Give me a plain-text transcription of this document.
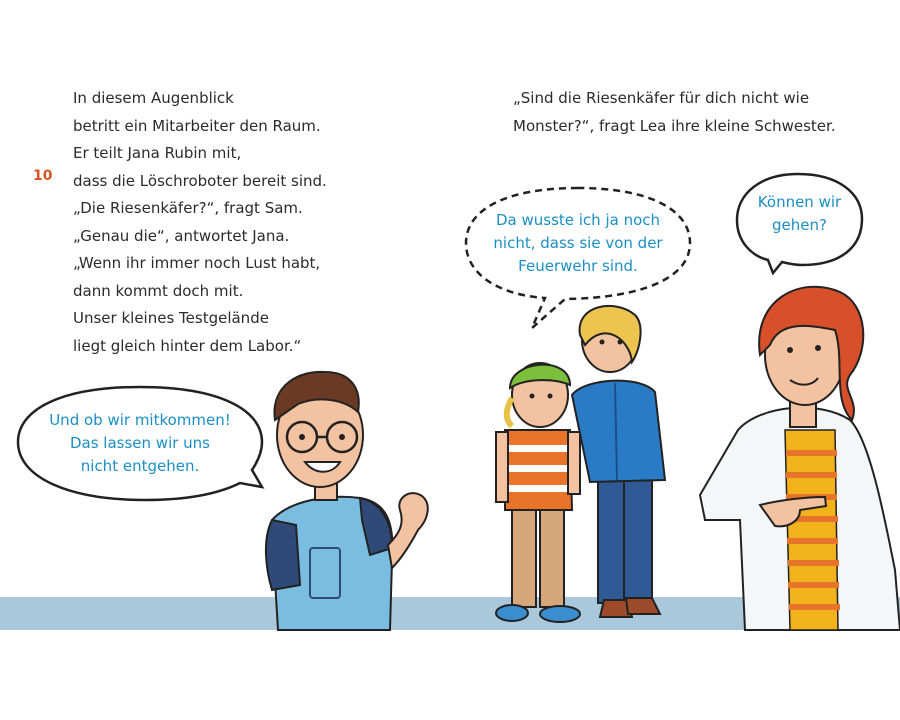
10
In diesem Augenblick
betritt ein Mitarbeiter den Raum.
Er teilt Jana Rubin mit,
dass die Löschroboter bereit sind.
„Die Riesenkäfer?“, fragt Sam.
„Genau die“, antwortet Jana.
„Wenn ihr immer noch Lust habt,
dann kommt doch mit.
Unser kleines Testgelände
liegt gleich hinter dem Labor.“
„Sind die Riesenkäfer für dich nicht wie
Monster?“, fragt Lea ihre kleine Schwester.
Und ob wir mitkommen!
Das lassen wir uns
nicht entgehen.
Da wusste ich ja noch
nicht, dass sie von der
Feuerwehr sind.
Können wir
gehen?
